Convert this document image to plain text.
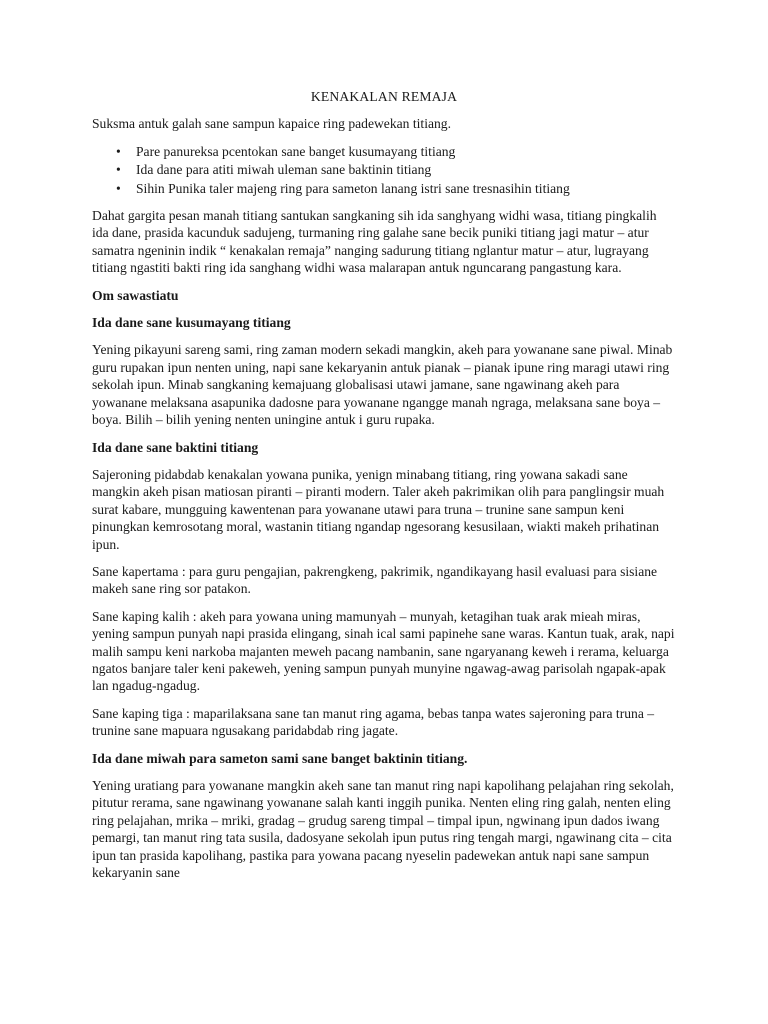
KENAKALAN REMAJA

Suksma antuk galah sane sampun kapaice ring padewekan titiang.

• Pare panureksa pcentokan sane banget kusumayang titiang
• Ida dane para atiti miwah uleman sane baktinin titiang
• Sihin Punika taler majeng ring para sameton lanang istri sane tresnasihin titiang

Dahat gargita pesan manah titiang santukan sangkaning sih ida sanghyang widhi wasa, titiang pingkalih ida dane, prasida kacunduk sadujeng, turmaning ring galahe sane becik puniki titiang jagi matur – atur samatra ngeninin indik “ kenakalan remaja” nanging sadurung titiang nglantur matur – atur, lugrayang titiang ngastiti bakti ring ida sanghang widhi wasa malarapan antuk nguncarang pangastung kara.

Om sawastiatu
Ida dane sane kusumayang titiang

Yening pikayuni sareng sami, ring zaman modern sekadi mangkin, akeh para yowanane sane piwal. Minab guru rupakan ipun nenten uning, napi sane kekaryanin antuk pianak – pianak ipune ring maragi utawi ring sekolah ipun. Minab sangkaning kemajuang globalisasi utawi jamane, sane ngawinang akeh para yowanane melaksana asapunika dadosne para yowanane ngangge manah ngraga, melaksana sane boya – boya. Bilih – bilih yening nenten uningine antuk i guru rupaka.

Ida dane sane baktini titiang

Sajeroning pidabdab kenakalan yowana punika, yenign minabang titiang, ring yowana sakadi sane mangkin akeh pisan matiosan piranti – piranti modern. Taler akeh pakrimikan olih para panglingsir muah surat kabare, mungguing kawentenan para yowanane utawi para truna – trunine sane sampun keni pinungkan kemrosotang moral, wastanin titiang ngandap ngesorang kesusilaan, wiakti makeh prihatinan ipun.

Sane kapertama : para guru pengajian, pakrengkeng, pakrimik, ngandikayang hasil evaluasi para sisiane makeh sane ring sor patakon.

Sane kaping kalih : akeh para yowana uning mamunyah – munyah, ketagihan tuak arak mieah miras, yening sampun punyah napi prasida elingang, sinah ical sami papinehe sane waras. Kantun tuak, arak, napi malih sampu keni narkoba majanten meweh pacang nambanin, sane ngaryanang keweh i rerama, keluarga ngatos banjare taler keni pakeweh, yening sampun punyah munyine ngawag-awag parisolah ngapak-apak lan ngadug-ngadug.

Sane kaping tiga : maparilaksana sane tan manut ring agama, bebas tanpa wates sajeroning para truna – trunine sane mapuara ngusakang paridabdab ring jagate.

Ida dane miwah para sameton sami sane banget baktinin titiang.

Yening uratiang para yowanane mangkin akeh sane tan manut ring napi kapolihang pelajahan ring sekolah, pitutur rerama, sane ngawinang yowanane salah kanti inggih punika. Nenten eling ring galah, nenten eling ring pelajahan, mrika – mriki, gradag – grudug sareng timpal – timpal ipun, ngwinang ipun dados iwang pemargi, tan manut ring tata susila, dadosyane sekolah ipun putus ring tengah margi, ngawinang cita – cita ipun tan prasida kapolihang, pastika para yowana pacang nyeselin padewekan antuk napi sane sampun kekaryanin sane
